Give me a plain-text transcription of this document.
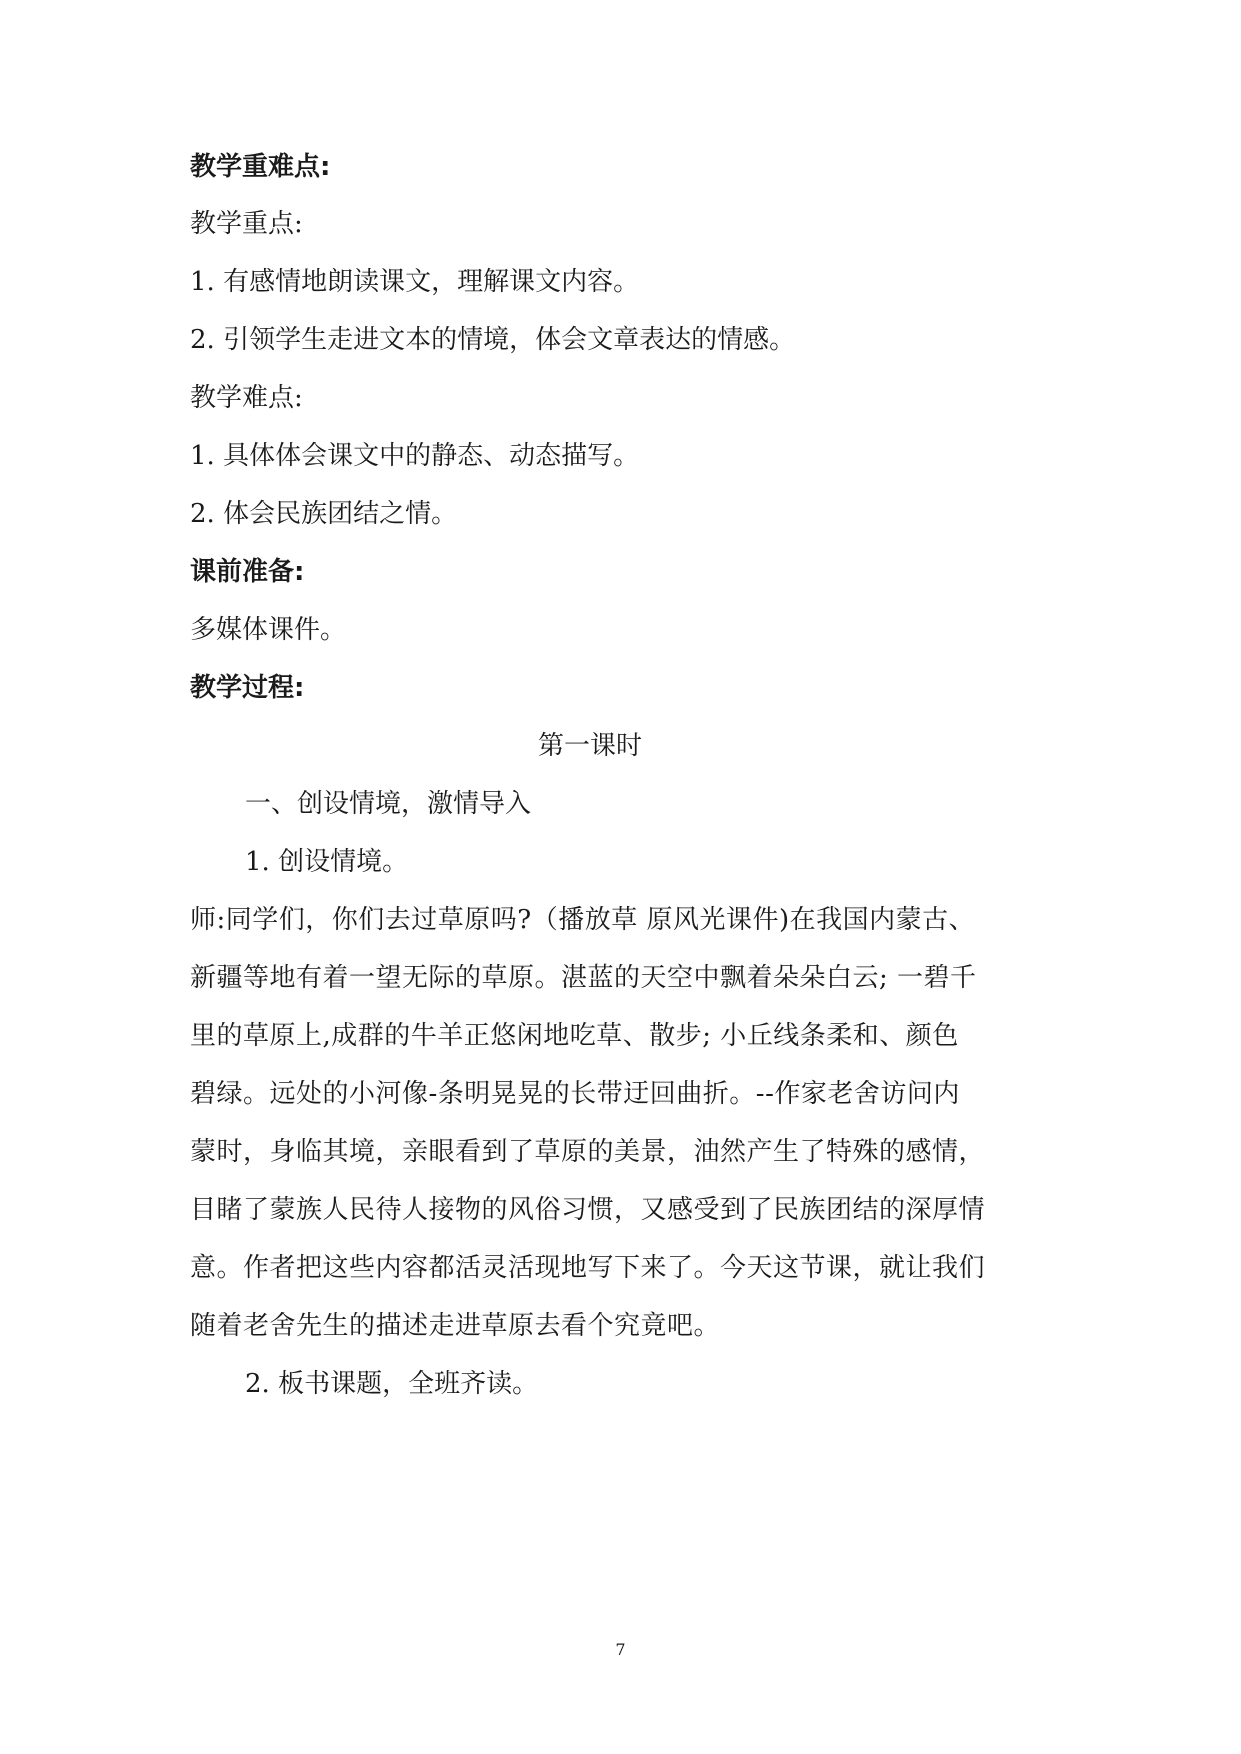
教学重难点:
教学重点:
1. 有感情地朗读课文，理解课文内容。
2. 引领学生走进文本的情境，体会文章表达的情感。
教学难点:
1. 具体体会课文中的静态、动态描写。
2. 体会民族团结之情。
课前准备:
多媒体课件。
教学过程:
第一课时
一、创设情境，激情导入
1. 创设情境。
师:同学们，你们去过草原吗?（播放草 原风光课件)在我国内蒙古、
新疆等地有着一望无际的草原。湛蓝的天空中飘着朵朵白云; 一碧千
里的草原上,成群的牛羊正悠闲地吃草、散步; 小丘线条柔和、颜色
碧绿。远处的小河像-条明晃晃的长带迂回曲折。--作家老舍访问内
蒙时，身临其境，亲眼看到了草原的美景，油然产生了特殊的感情，
目睹了蒙族人民待人接物的风俗习惯，又感受到了民族团结的深厚情
意。作者把这些内容都活灵活现地写下来了。今天这节课，就让我们
随着老舍先生的描述走进草原去看个究竟吧。
2. 板书课题，全班齐读。
7
